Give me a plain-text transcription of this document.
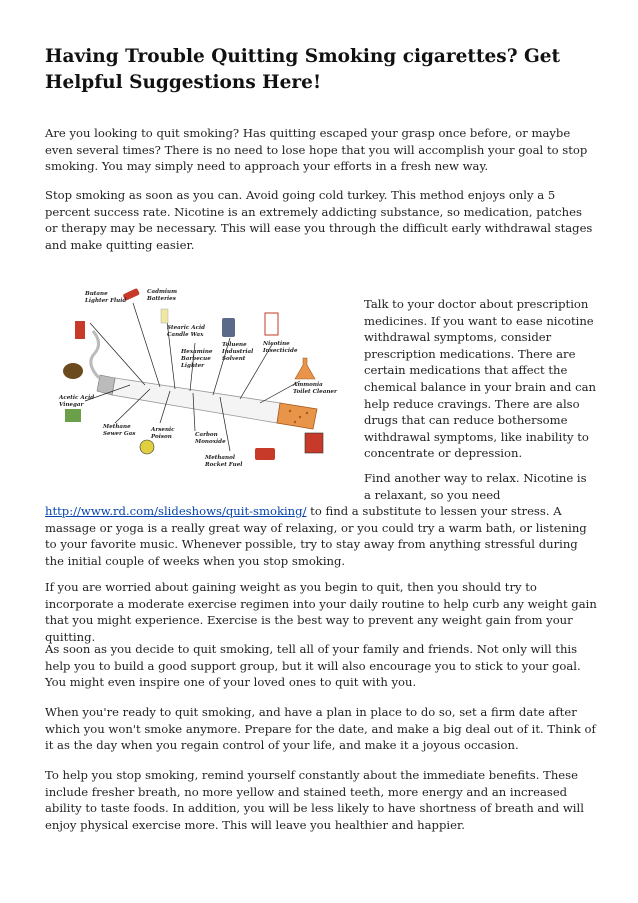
Having Trouble Quitting Smoking cigarettes? Get Helpful Suggestions Here!

Are you looking to quit smoking? Has quitting escaped your grasp once before, or maybe even several times? There is no need to lose hope that you will accomplish your goal to stop smoking. You may simply need to approach your efforts in a fresh new way.

Stop smoking as soon as you can. Avoid going cold turkey. This method enjoys only a 5 percent success rate. Nicotine is an extremely addicting substance, so medication, patches or therapy may be necessary. This will ease you through the difficult early withdrawal stages and make quitting easier.

Butane
Lighter Fluid
Cadmium
Batteries
Stearic Acid
Candle Wax
Hexamine
Barbecue
Lighter
Toluene
Industrial
Solvent
Nicotine
Insecticide
Ammonia
Toilet Cleaner
Acetic Acid
Vinegar
Methane
Sewer Gas
Arsenic
Poison	Carbon
Monoxide
Methanol
Rocket Fuel

Talk to your doctor about prescription medicines. If you want to ease nicotine withdrawal symptoms, consider prescription medications. There are certain medications that affect the chemical balance in your brain and can help reduce cravings. There are also drugs that can reduce bothersome withdrawal symptoms, like inability to concentrate or depression.

Find another way to relax. Nicotine is a relaxant, so you need

http://www.rd.com/slideshows/quit-smoking/ to find a substitute to lessen your stress. A massage or yoga is a really great way of relaxing, or you could try a warm bath, or listening to your favorite music. Whenever possible, try to stay away from anything stressful during the initial couple of weeks when you stop smoking.

If you are worried about gaining weight as you begin to quit, then you should try to incorporate a moderate exercise regimen into your daily routine to help curb any weight gain that you might experience. Exercise is the best way to prevent any weight gain from your quitting.

As soon as you decide to quit smoking, tell all of your family and friends. Not only will this help you to build a good support group, but it will also encourage you to stick to your goal. You might even inspire one of your loved ones to quit with you.

When you're ready to quit smoking, and have a plan in place to do so, set a firm date after which you won't smoke anymore. Prepare for the date, and make a big deal out of it. Think of it as the day when you regain control of your life, and make it a joyous occasion.

To help you stop smoking, remind yourself constantly about the immediate benefits. These include fresher breath, no more yellow and stained teeth, more energy and an increased ability to taste foods. In addition, you will be less likely to have shortness of breath and will enjoy physical exercise more. This will leave you healthier and happier.
